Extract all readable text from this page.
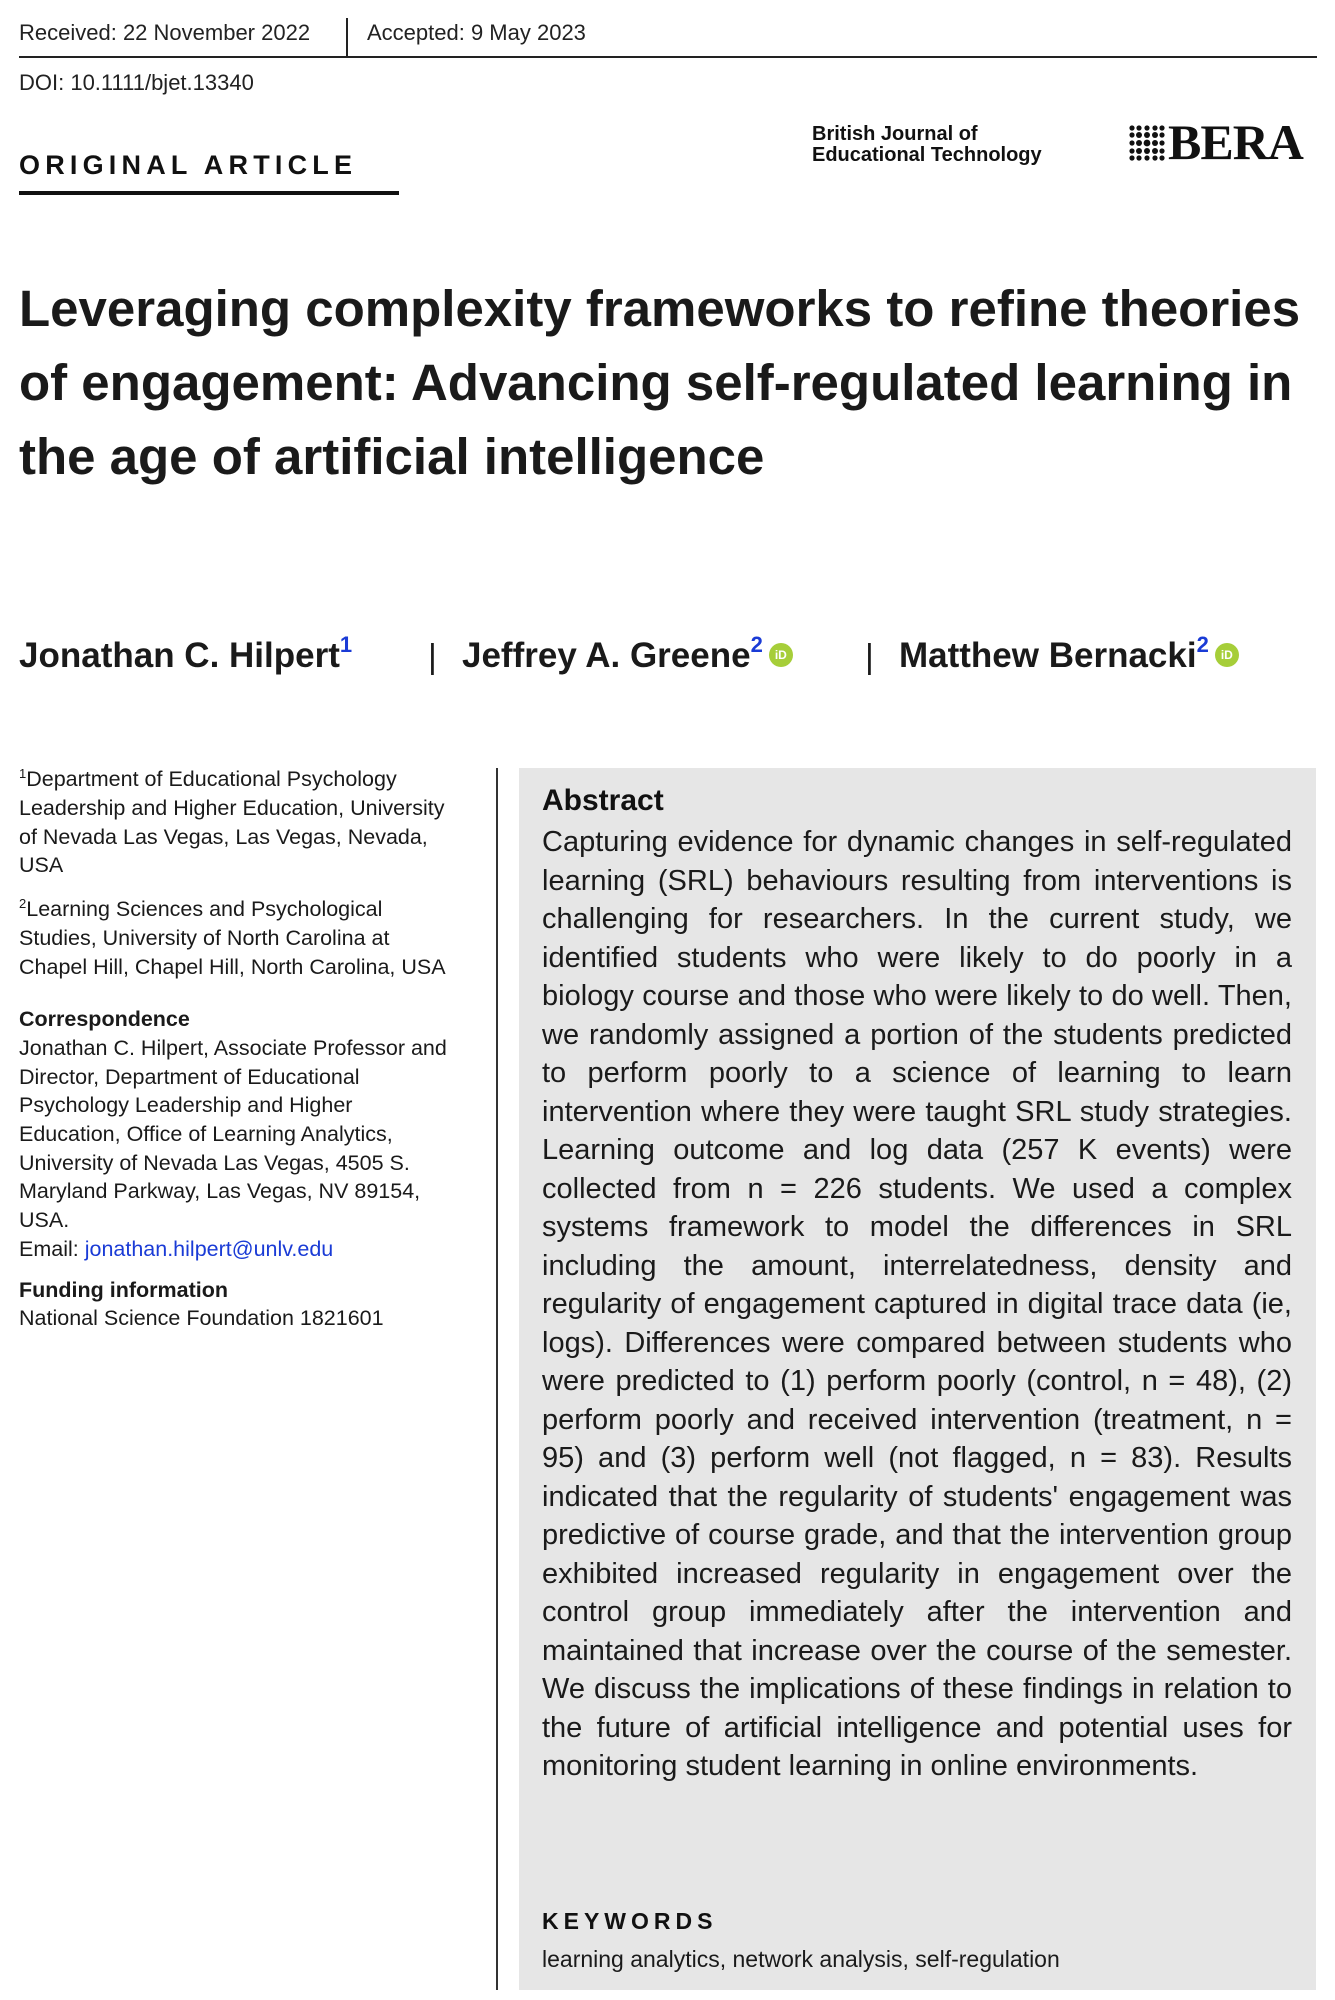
Received: 22 November 2022	Accepted: 9 May 2023
DOI: 10.1111/bjet.13340
ORIGINAL ARTICLE
British Journal of
Educational Technology	BERA
Leveraging complexity frameworks to refine theories of engagement: Advancing self-regulated learning in the age of artificial intelligence
Jonathan C. Hilpert$^1$ | Jeffrey A. Greene$^2$ iD | Matthew Bernacki$^2$ iD

$^1$Department of Educational Psychology Leadership and Higher Education, University of Nevada Las Vegas, Las Vegas, Nevada, USA

$^2$Learning Sciences and Psychological Studies, University of North Carolina at Chapel Hill, Chapel Hill, North Carolina, USA

Correspondence

Jonathan C. Hilpert, Associate Professor and Director, Department of Educational Psychology Leadership and Higher Education, Office of Learning Analytics, University of Nevada Las Vegas, 4505 S. Maryland Parkway, Las Vegas, NV 89154, USA.
Email: jonathan.hilpert@unlv.edu

Funding information

National Science Foundation 1821601

Abstract

Capturing evidence for dynamic changes in self-regulated learning (SRL) behaviours resulting from interventions is challenging for researchers. In the current study, we identified students who were likely to do poorly in a biology course and those who were likely to do well. Then, we randomly assigned a portion of the students predicted to perform poorly to a science of learning to learn intervention where they were taught SRL study strategies. Learning outcome and log data (257 K events) were collected from n = 226 students. We used a complex systems framework to model the differences in SRL including the amount, interrelatedness, density and regularity of engagement captured in digital trace data (ie, logs). Differences were compared between students who were predicted to (1) perform poorly (control, n = 48), (2) perform poorly and received intervention (treatment, n = 95) and (3) perform well (not flagged, n = 83). Results indicated that the regularity of students' engagement was predictive of course grade, and that the intervention group exhibited increased regularity in engagement over the control group immediately after the intervention and maintained that increase over the course of the semester. We discuss the implications of these findings in relation to the future of artificial intelligence and potential uses for monitoring student learning in online environments.

KEYWORDS
learning analytics, network analysis, self-regulation
